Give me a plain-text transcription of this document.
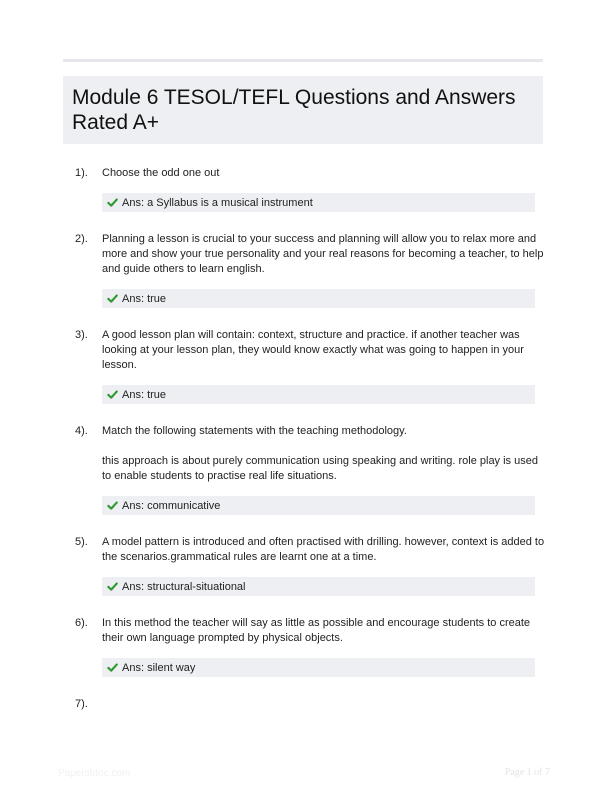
Module 6 TESOL/TEFL Questions and Answers Rated A+
1). Choose the odd one out

Ans: a Syllabus is a musical instrument
2). Planning a lesson is crucial to your success and planning will allow you to relax more and more and show your true personality and your real reasons for becoming a teacher, to help and guide others to learn english.

Ans: true
3). A good lesson plan will contain: context, structure and practice. if another teacher was looking at your lesson plan, they would know exactly what was going to happen in your lesson.

Ans: true
4). Match the following statements with the teaching methodology.

this approach is about purely communication using speaking and writing. role play is used to enable students to practise real life situations.

Ans: communicative
5). A model pattern is introduced and often practised with drilling. however, context is added to the scenarios.grammatical rules are learnt one at a time.

Ans: structural-situational
6). In this method the teacher will say as little as possible and encourage students to create their own language prompted by physical objects.

Ans: silent way
7).
Paperstdoc.com	Page 1 of 7
